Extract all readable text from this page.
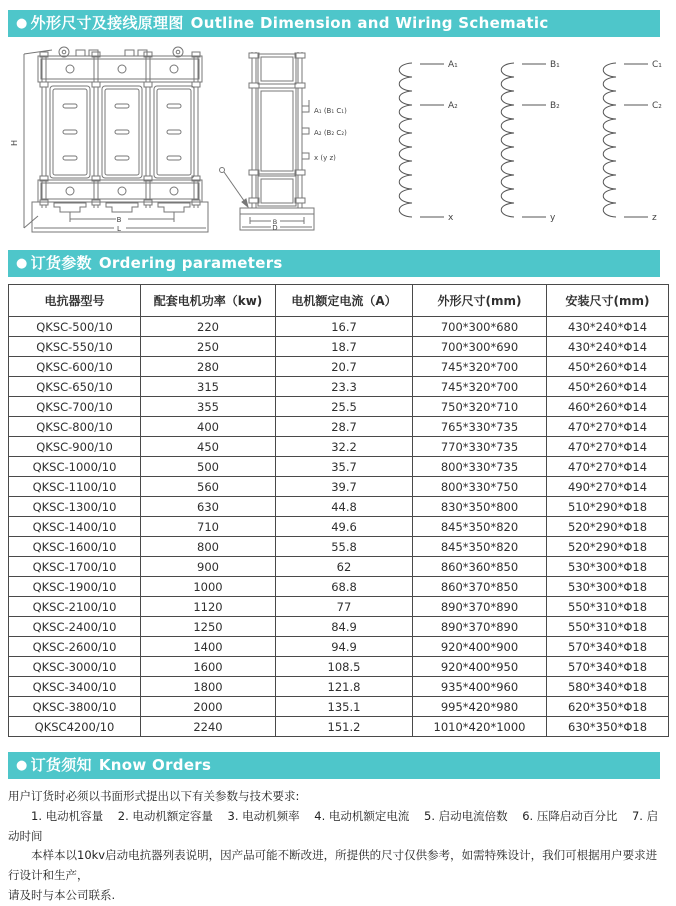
● 外形尺寸及接线原理图 Outline Dimension and Wiring Schematic
H
B
L
B
D
A₁ (B₁ C₁)
A₂ (B₂ C₂)
x (y z)
A₁
A₂
x
B₁
B₂
y
C₁
C₂
z
● 订货参数 Ordering parameters
电抗器型号	配套电机功率（kw)	电机额定电流（A）	外形尺寸(mm)	安装尺寸(mm)
QKSC-500/10	220	16.7	700*300*680	430*240*Φ14
QKSC-550/10	250	18.7	700*300*690	430*240*Φ14
QKSC-600/10	280	20.7	745*320*700	450*260*Φ14
QKSC-650/10	315	23.3	745*320*700	450*260*Φ14
QKSC-700/10	355	25.5	750*320*710	460*260*Φ14
QKSC-800/10	400	28.7	765*330*735	470*270*Φ14
QKSC-900/10	450	32.2	770*330*735	470*270*Φ14
QKSC-1000/10	500	35.7	800*330*735	470*270*Φ14
QKSC-1100/10	560	39.7	800*330*750	490*270*Φ14
QKSC-1300/10	630	44.8	830*350*800	510*290*Φ18
QKSC-1400/10	710	49.6	845*350*820	520*290*Φ18
QKSC-1600/10	800	55.8	845*350*820	520*290*Φ18
QKSC-1700/10	900	62	860*360*850	530*300*Φ18
QKSC-1900/10	1000	68.8	860*370*850	530*300*Φ18
QKSC-2100/10	1120	77	890*370*890	550*310*Φ18
QKSC-2400/10	1250	84.9	890*370*890	550*310*Φ18
QKSC-2600/10	1400	94.9	920*400*900	570*340*Φ18
QKSC-3000/10	1600	108.5	920*400*950	570*340*Φ18
QKSC-3400/10	1800	121.8	935*400*960	580*340*Φ18
QKSC-3800/10	2000	135.1	995*420*980	620*350*Φ18
QKSC4200/10	2240	151.2	1010*420*1000	630*350*Φ18
● 订货须知 Know Orders
用户订货时必须以书面形式提出以下有关参数与技术要求:
1. 电动机容量    2. 电动机额定容量    3. 电动机频率    4. 电动机额定电流    5. 启动电流倍数    6. 压降启动百分比    7. 启动时间
本样本以10kv启动电抗器列表说明，因产品可能不断改进，所提供的尺寸仅供参考，如需特殊设计，我们可根据用户要求进行设计和生产，
请及时与本公司联系.
